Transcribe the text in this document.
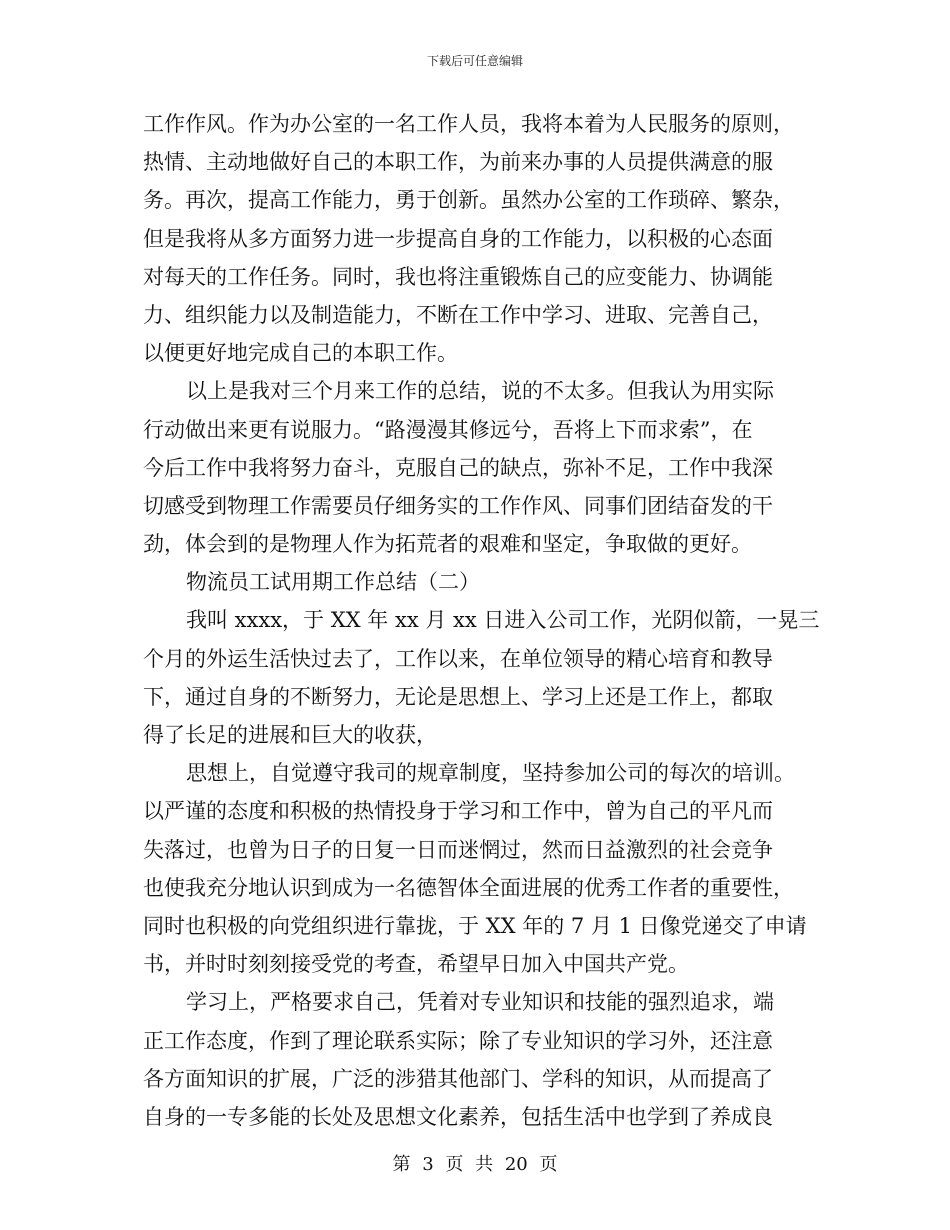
下载后可任意编辑
工作作风。作为办公室的一名工作人员，我将本着为人民服务的原则，
热情、主动地做好自己的本职工作，为前来办事的人员提供满意的服
务。再次，提高工作能力，勇于创新。虽然办公室的工作琐碎、繁杂，
但是我将从多方面努力进一步提高自身的工作能力，以积极的心态面
对每天的工作任务。同时，我也将注重锻炼自己的应变能力、协调能
力、组织能力以及制造能力，不断在工作中学习、进取、完善自己，
以便更好地完成自己的本职工作。
以上是我对三个月来工作的总结，说的不太多。但我认为用实际
行动做出来更有说服力。“路漫漫其修远兮，吾将上下而求索”，在
今后工作中我将努力奋斗，克服自己的缺点，弥补不足，工作中我深
切感受到物理工作需要员仔细务实的工作作风、同事们团结奋发的干
劲，体会到的是物理人作为拓荒者的艰难和坚定，争取做的更好。
物流员工试用期工作总结（二）
我叫 xxxx，于 XX 年 xx 月 xx 日进入公司工作，光阴似箭，一晃三
个月的外运生活快过去了，工作以来，在单位领导的精心培育和教导
下，通过自身的不断努力，无论是思想上、学习上还是工作上，都取
得了长足的进展和巨大的收获，
思想上，自觉遵守我司的规章制度，坚持参加公司的每次的培训。
以严谨的态度和积极的热情投身于学习和工作中，曾为自己的平凡而
失落过，也曾为日子的日复一日而迷惘过，然而日益激烈的社会竞争
也使我充分地认识到成为一名德智体全面进展的优秀工作者的重要性，
同时也积极的向党组织进行靠拢，于 XX 年的 7 月 1 日像党递交了申请
书，并时时刻刻接受党的考查，希望早日加入中国共产党。
学习上，严格要求自己，凭着对专业知识和技能的强烈追求，端
正工作态度，作到了理论联系实际；除了专业知识的学习外，还注意
各方面知识的扩展，广泛的涉猎其他部门、学科的知识，从而提高了
自身的一专多能的长处及思想文化素养，包括生活中也学到了养成良
第 3 页 共 20 页
